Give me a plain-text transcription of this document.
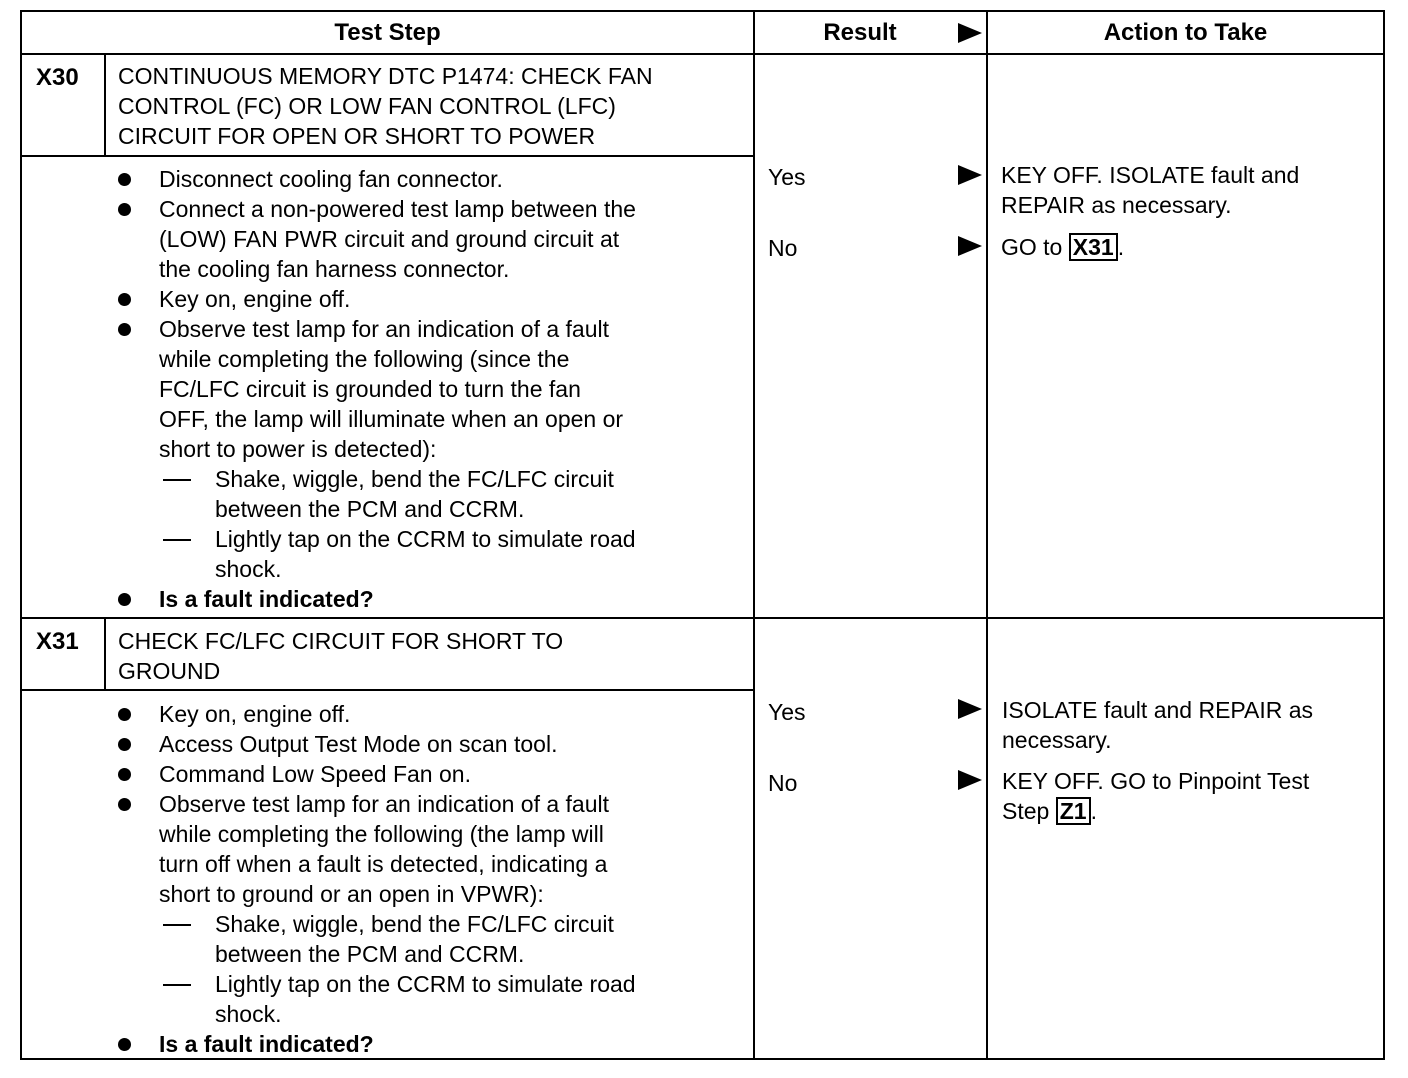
Test Step	Result	Action to Take
X30 CONTINUOUS MEMORY DTC P1474: CHECK FAN
CONTROL (FC) OR LOW FAN CONTROL (LFC)
CIRCUIT FOR OPEN OR SHORT TO POWER
Disconnect cooling fan connector.
Connect a non-powered test lamp between the
(LOW) FAN PWR circuit and ground circuit at
the cooling fan harness connector.
Key on, engine off.
Observe test lamp for an indication of a fault
while completing the following (since the
FC/LFC circuit is grounded to turn the fan
OFF, the lamp will illuminate when an open or
short to power is detected):
Shake, wiggle, bend the FC/LFC circuit
between the PCM and CCRM.
Lightly tap on the CCRM to simulate road
shock.
Is a fault indicated?
Yes	KEY OFF. ISOLATE fault and
REPAIR as necessary.
No	GO to X31 .
X31 CHECK FC/LFC CIRCUIT FOR SHORT TO
GROUND
Key on, engine off.
Access Output Test Mode on scan tool.
Command Low Speed Fan on.
Observe test lamp for an indication of a fault
while completing the following (the lamp will
turn off when a fault is detected, indicating a
short to ground or an open in VPWR):
Shake, wiggle, bend the FC/LFC circuit
between the PCM and CCRM.
Lightly tap on the CCRM to simulate road
shock.
Is a fault indicated?
Yes	ISOLATE fault and REPAIR as
necessary.
No	KEY OFF. GO to Pinpoint Test
Step Z1 .
